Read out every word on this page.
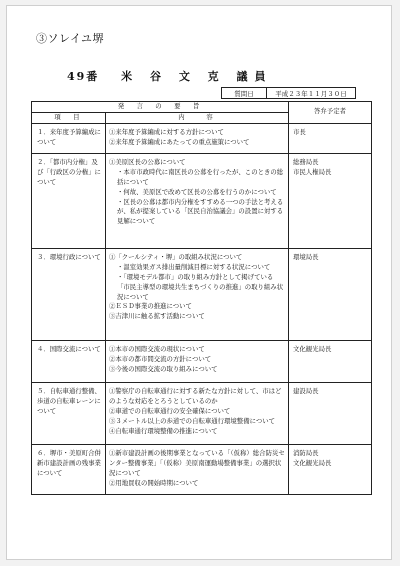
③ソレイユ堺
49番 米 谷 文 克 議員
質問日	平成２３年１１月３０日
発　言　の　要　旨		答弁予定者
項　目	内　　容	
１．来年度予算編成について	①来年度予算編成に対する方針について
②来年度予算編成にあたっての重点施策について	市長

２．「都市内分権」及び「行政区の分権」について	①美原区長の公募について
・本市市政時代に南区長の公募を行ったが、このときの総括について
・何故、美原区で改めて区長の公募を行うのかについて
・区長の公募は都市内分権をすすめる一つの手法と考えるが、私が提案している「区民自治協議会」の設置に対する見解について	総務局長
市民人権局長

３．環境行政について	①「クールシティ・堺」の取組み状況について
・温室効果ガス排出量削減目標に対する状況について
・「環境モデル都市」の取り組み方針として掲げている「市民主導型の環境共生まちづくりの推進」の取り組み状況について
②ＥＳＤ事業の推進について
③吉津川に触る拡す活動について	環境局長

４．国際交流について	①本市の国際交流の現状について
②本市の都市間交流の方針について
③今後の国際交流の取り組みについて	文化観光局長

５．自転車通行整備、歩道の自転車レーンについて	①警察庁の自転車通行に対する新たな方針に対して、市はどのような対応をとろうとしているのか
②車道での自転車通行の安全確保について
③３メートル以上の歩道での自転車通行環境整備について
④自転車通行環境整備の推進について	建設局長

６．堺市・美原町合併新市建設計画の残事業について	①新市建設計画の後期事業となっている「（仮称）総合防災センター整備事業」「（仮称）美原南運動場整備事業」の選択状況について
②用地買収の開始時期について	消防局長
文化観光局長
